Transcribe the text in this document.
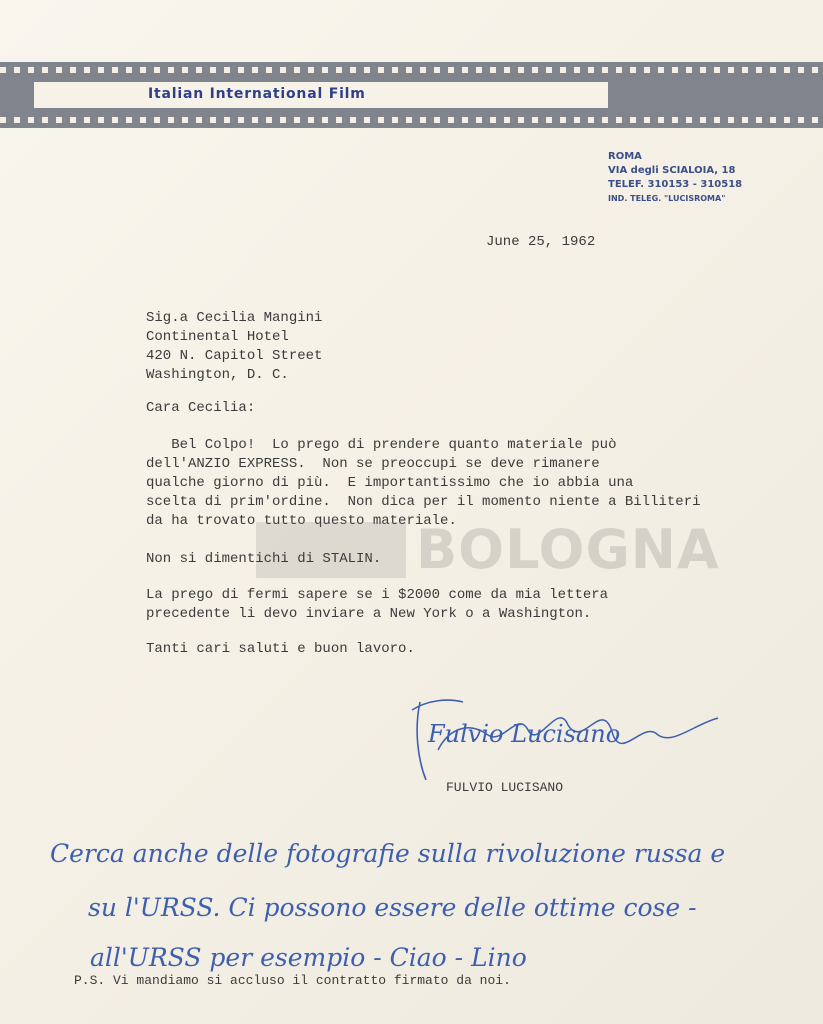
Italian International Film
ROMA
VIA degli SCIALOIA, 18
TELEF. 310153 - 310518
IND. TELEG. "LUCISROMA"
June 25, 1962
Sig.a Cecilia Mangini
Continental Hotel
420 N. Capitol Street
Washington, D. C.
Cara Cecilia:
Bel Colpo!  Lo prego di prendere quanto materiale può
dell'ANZIO EXPRESS.  Non se preoccupi se deve rimanere
qualche giorno di più.  E importantissimo che io abbia una
scelta di prim'ordine.  Non dica per il momento niente a Billiteri
da ha trovato tutto questo materiale.
BOLOGNA
Non si dimentichi di STALIN.
La prego di fermi sapere se i $2000 come da mia lettera
precedente li devo inviare a New York o a Washington.
Tanti cari saluti e buon lavoro.
Fulvio Lucisano
FULVIO LUCISANO
Cerca anche delle fotografie sulla rivoluzione russa e
su l'URSS. Ci possono essere delle ottime cose -
all'URSS per esempio - Ciao - Lino
P.S. Vi mandiamo si accluso il contratto firmato da noi.
